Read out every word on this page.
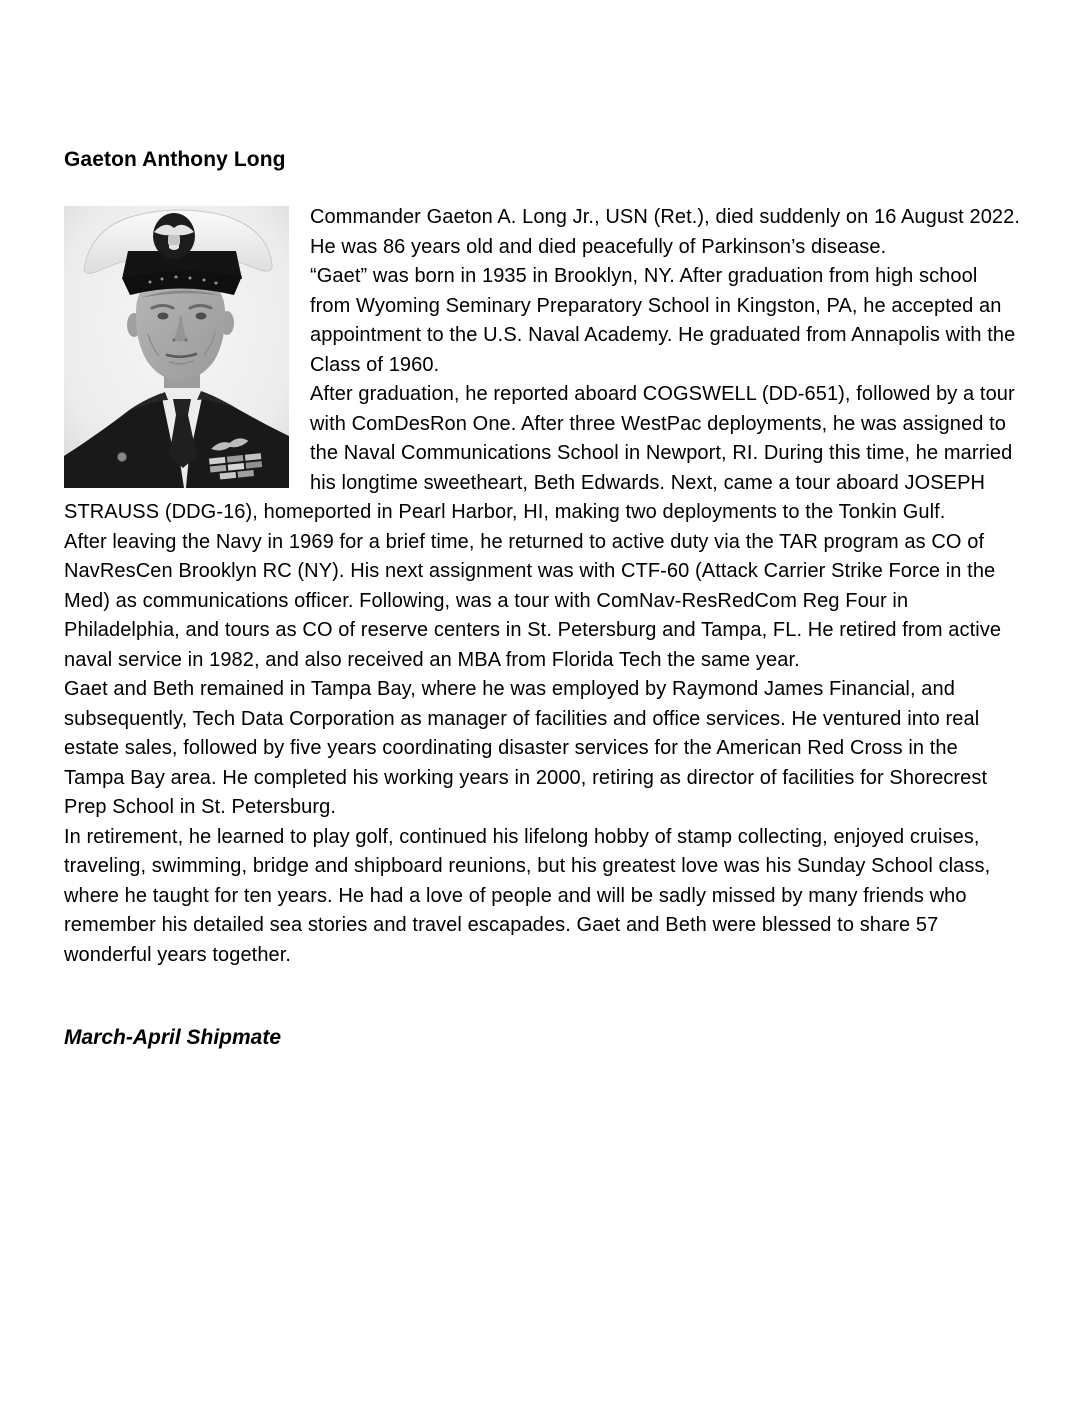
Gaeton Anthony Long

Commander Gaeton A. Long Jr., USN (Ret.), died suddenly on 16 August 2022. He was 86 years old and died peacefully of Parkinson’s disease.

“Gaet” was born in 1935 in Brooklyn, NY. After graduation from high school from Wyoming Seminary Preparatory School in Kingston, PA, he accepted an appointment to the U.S. Naval Academy. He graduated from Annapolis with the Class of 1960.

After graduation, he reported aboard COGSWELL (DD-651), followed by a tour with ComDesRon One. After three WestPac deployments, he was assigned to the Naval Communications School in Newport, RI. During this time, he married his longtime sweetheart, Beth Edwards. Next, came a tour aboard JOSEPH STRAUSS (DDG-16), homeported in Pearl Harbor, HI, making two deployments to the Tonkin Gulf.

After leaving the Navy in 1969 for a brief time, he returned to active duty via the TAR program as CO of NavResCen Brooklyn RC (NY). His next assignment was with CTF-60 (Attack Carrier Strike Force in the Med) as communications officer. Following, was a tour with ComNav-ResRedCom Reg Four in Philadelphia, and tours as CO of reserve centers in St. Petersburg and Tampa, FL. He retired from active naval service in 1982, and also received an MBA from Florida Tech the same year.

Gaet and Beth remained in Tampa Bay, where he was employed by Raymond James Financial, and subsequently, Tech Data Corporation as manager of facilities and office services. He ventured into real estate sales, followed by five years coordinating disaster services for the American Red Cross in the Tampa Bay area. He completed his working years in 2000, retiring as director of facilities for Shorecrest Prep School in St. Petersburg.

In retirement, he learned to play golf, continued his lifelong hobby of stamp collecting, enjoyed cruises, traveling, swimming, bridge and shipboard reunions, but his greatest love was his Sunday School class, where he taught for ten years. He had a love of people and will be sadly missed by many friends who remember his detailed sea stories and travel escapades. Gaet and Beth were blessed to share 57 wonderful years together.

March-April Shipmate
